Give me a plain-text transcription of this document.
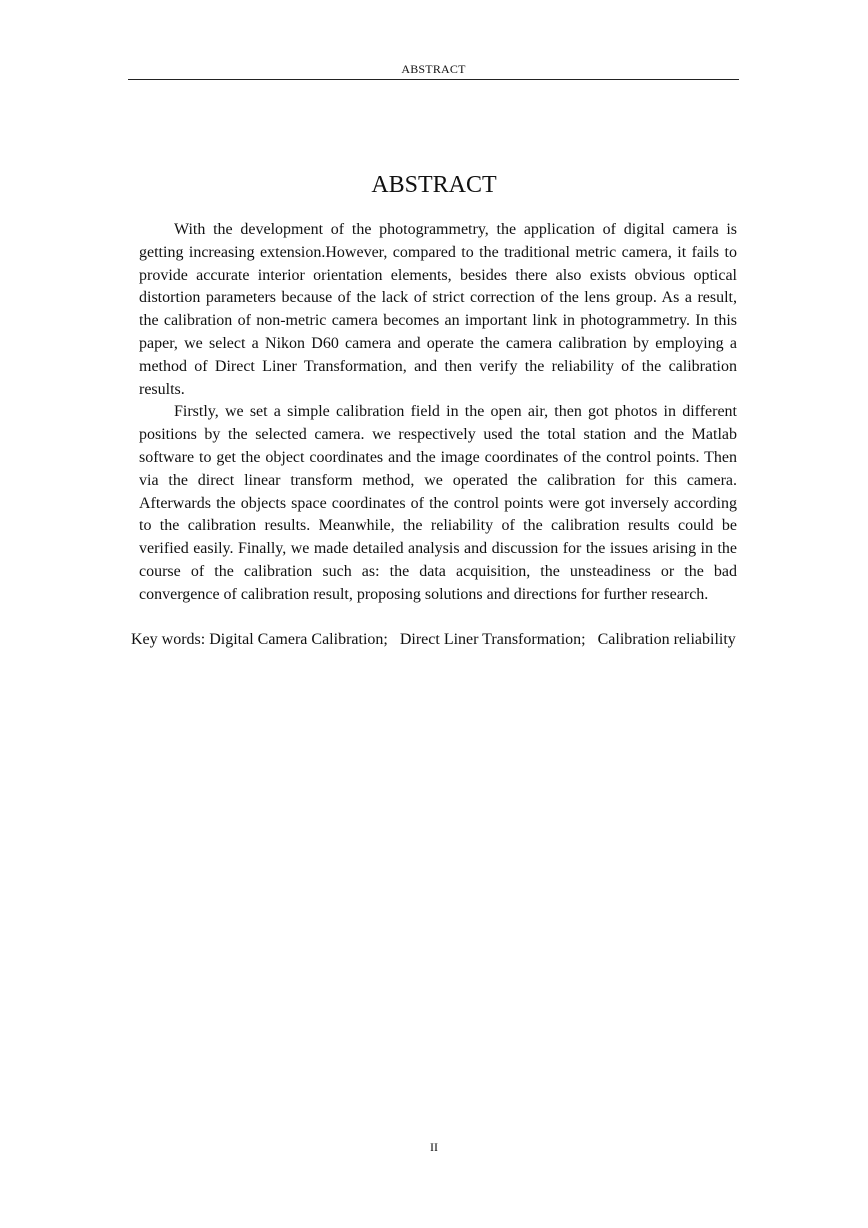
ABSTRACT
ABSTRACT

With the development of the photogrammetry, the application of digital camera is getting increasing extension.However, compared to the traditional metric camera, it fails to provide accurate interior orientation elements, besides there also exists obvious optical distortion parameters because of the lack of strict correction of the lens group. As a result, the calibration of non-metric camera becomes an important link in photogrammetry. In this paper, we select a Nikon D60 camera and operate the camera calibration by employing a method of Direct Liner Transformation, and then verify the reliability of the calibration results.

Firstly, we set a simple calibration field in the open air, then got photos in different positions by the selected camera. we respectively used the total station and the Matlab software to get the object coordinates and the image coordinates of the control points. Then via the direct linear transform method, we operated the calibration for this camera. Afterwards the objects space coordinates of the control points were got inversely according to the calibration results. Meanwhile, the reliability of the calibration results could be verified easily. Finally, we made detailed analysis and discussion for the issues arising in the course of the calibration such as: the data acquisition, the unsteadiness or the bad convergence of calibration result, proposing solutions and directions for further research.

Key words: Digital Camera Calibration; Direct Liner Transformation; Calibration reliability

II
